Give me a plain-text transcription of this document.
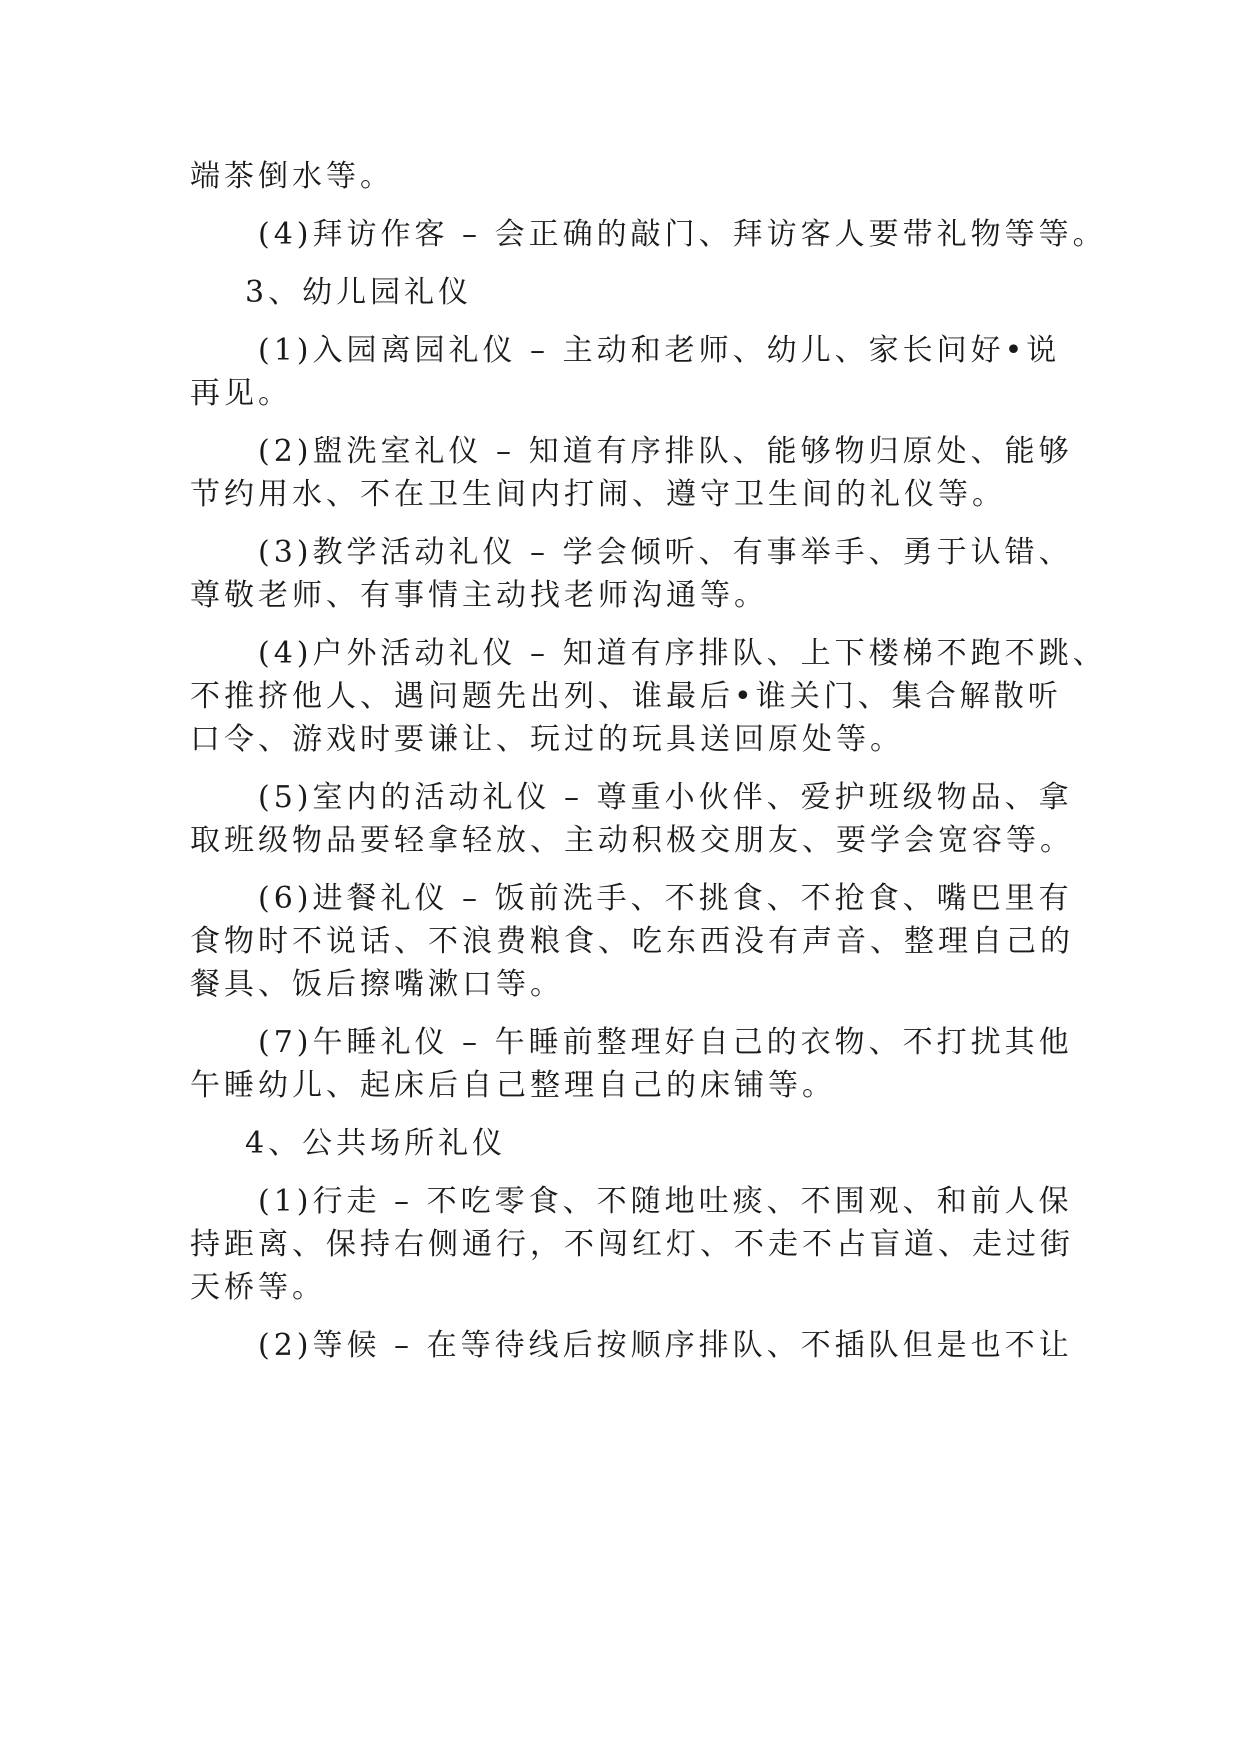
端茶倒水等。
(4)拜访作客 – 会正确的敲门、拜访客人要带礼物等等。
3、幼儿园礼仪
(1)入园离园礼仪 – 主动和老师、幼儿、家长问好•说
再见。
(2)盥洗室礼仪 – 知道有序排队、能够物归原处、能够
节约用水、不在卫生间内打闹、遵守卫生间的礼仪等。
(3)教学活动礼仪 – 学会倾听、有事举手、勇于认错、
尊敬老师、有事情主动找老师沟通等。
(4)户外活动礼仪 – 知道有序排队、上下楼梯不跑不跳、
不推挤他人、遇问题先出列、谁最后•谁关门、集合解散听
口令、游戏时要谦让、玩过的玩具送回原处等。
(5)室内的活动礼仪 – 尊重小伙伴、爱护班级物品、拿
取班级物品要轻拿轻放、主动积极交朋友、要学会宽容等。
(6)进餐礼仪 – 饭前洗手、不挑食、不抢食、嘴巴里有
食物时不说话、不浪费粮食、吃东西没有声音、整理自己的
餐具、饭后擦嘴漱口等。
(7)午睡礼仪 – 午睡前整理好自己的衣物、不打扰其他
午睡幼儿、起床后自己整理自己的床铺等。
4、公共场所礼仪
(1)行走 – 不吃零食、不随地吐痰、不围观、和前人保
持距离、保持右侧通行，不闯红灯、不走不占盲道、走过街
天桥等。
(2)等候 – 在等待线后按顺序排队、不插队但是也不让
